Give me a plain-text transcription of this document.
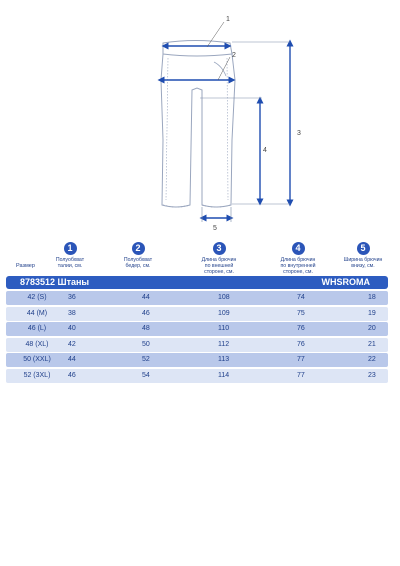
1
2
3
4
5
Размер
1
Полуобхват
талии, см.
2
Полуобхват
бедер, см.
3
Длина брючин
по внешней
стороне, см.
4
Длина брючин
по внутренней
стороне, см.
5
Ширина брючин
внизу, см.
8783512 Штаны	WHSROMA
42 (S)	36	44	108	74	18
44 (M)	38	46	109	75	19
46 (L)	40	48	110	76	20
48 (XL)	42	50	112	76	21
50 (XXL)	44	52	113	77	22
52 (3XL)	46	54	114	77	23
